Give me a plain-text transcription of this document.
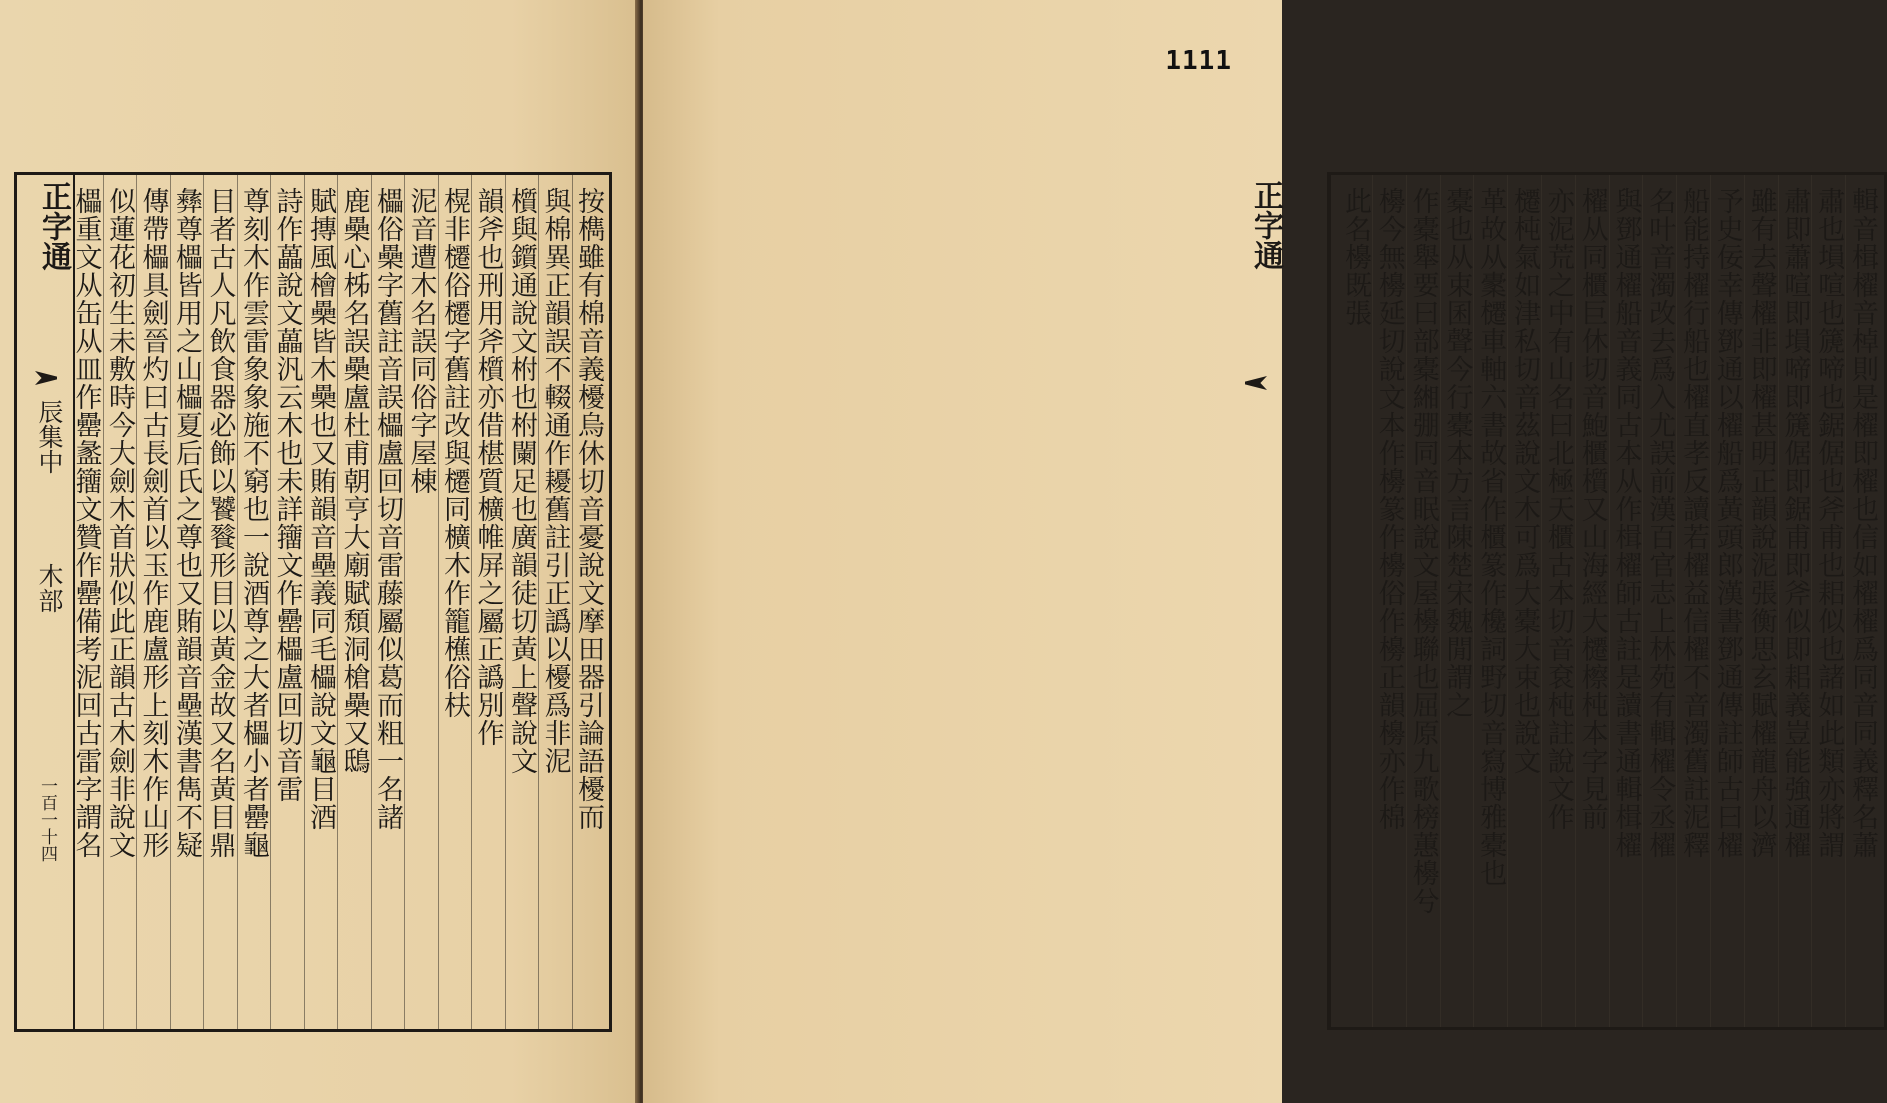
正字通
辰集中
木部
一百一十四	按檇雖有棉音義櫌烏休切音憂說文摩田器引論語櫌而
與棉異正韻誤不輟通作耰舊註引正譌以櫌爲非泥
櫍與鑕通說文柎也柎闌足也廣韻徒切黃上聲說文
韻斧也刑用斧櫍亦借椹質櫎帷屏之屬正譌別作
榥非櫏俗櫏字舊註改與櫏同櫎木作籠櫵俗枎
泥音遭木名誤同俗字屋棟
櫑俗櫐字舊註音誤櫑盧回切音雷藤屬似葛而粗一名諸
鹿櫐心柹名誤櫐盧杜甫朝亨大廟賦頹洞槍櫐又鴟
賦摶風檜櫐皆木櫐也又賄韻音壘義同毛櫑說文龜目酒
詩作藟說文藟汎云木也未詳籒文作罍櫑盧回切音雷
尊刻木作雲雷象象施不窮也一說酒尊之大者櫑小者罍龜
目者古人凡飲食器必飾以饕餮形目以黃金故又名黃目鼎
彝尊櫑皆用之山櫑夏后氏之尊也又賄韻音壘漢書雋不疑
傳帶櫑具劍晉灼曰古長劍首以玉作鹿盧形上刻木作山形
似蓮花初生未敷時今大劍木首狀似此正韻古木劍非說文
櫑重文从缶从皿作罍盠籒文贊作罍備考泥回古雷字謂名
1111
輯音楫櫂音棹則是櫂即櫂也信如櫂櫂爲同音同義釋名蕭
肅也塤喧也篪啼也鋸倨也斧甫也耜似也諸如此類亦將謂
肅即蕭喧即塤啼即篪倨即鋸甫即斧似即耜義豈能強通櫂
雖有去聲櫂非即櫂甚明正韻說泥張衡思玄賦櫂龍舟以濟
予史佞幸傳鄧通以櫂船爲黃頭郎漢書鄧通傳註師古曰櫂
船能持櫂行船也櫂直孝反讀若櫂益信櫂不音濁舊註泥釋
名叶音濁改去爲入尤誤前漢百官志上林苑有輯櫂令丞櫂
與鄧通櫂船音義同古本从作楫櫂師古註是讀書通輯楫櫂
櫂从同櫃巨休切音鮑櫃櫍又山海經大櫏檫杶本字見前
亦泥荒之中有山名曰北極天櫃古本切音袞杶註說文作
櫏杶氣如津私切音茲說文木可爲大橐大束也說文
革故从㯻櫏車軸六書故省作櫃篆作欃詞野切音寫博雅橐也
橐也从束囷聲今行橐本方言陳楚宋魏閒謂之
作橐舉要曰部橐緗弸同音眠說文屋櫋聯也屈原九歌榜蕙櫋兮
櫋今無櫋延切說文本作櫋篆作櫋俗作櫋正韻櫋亦作棉
此名櫋既張
正字通
